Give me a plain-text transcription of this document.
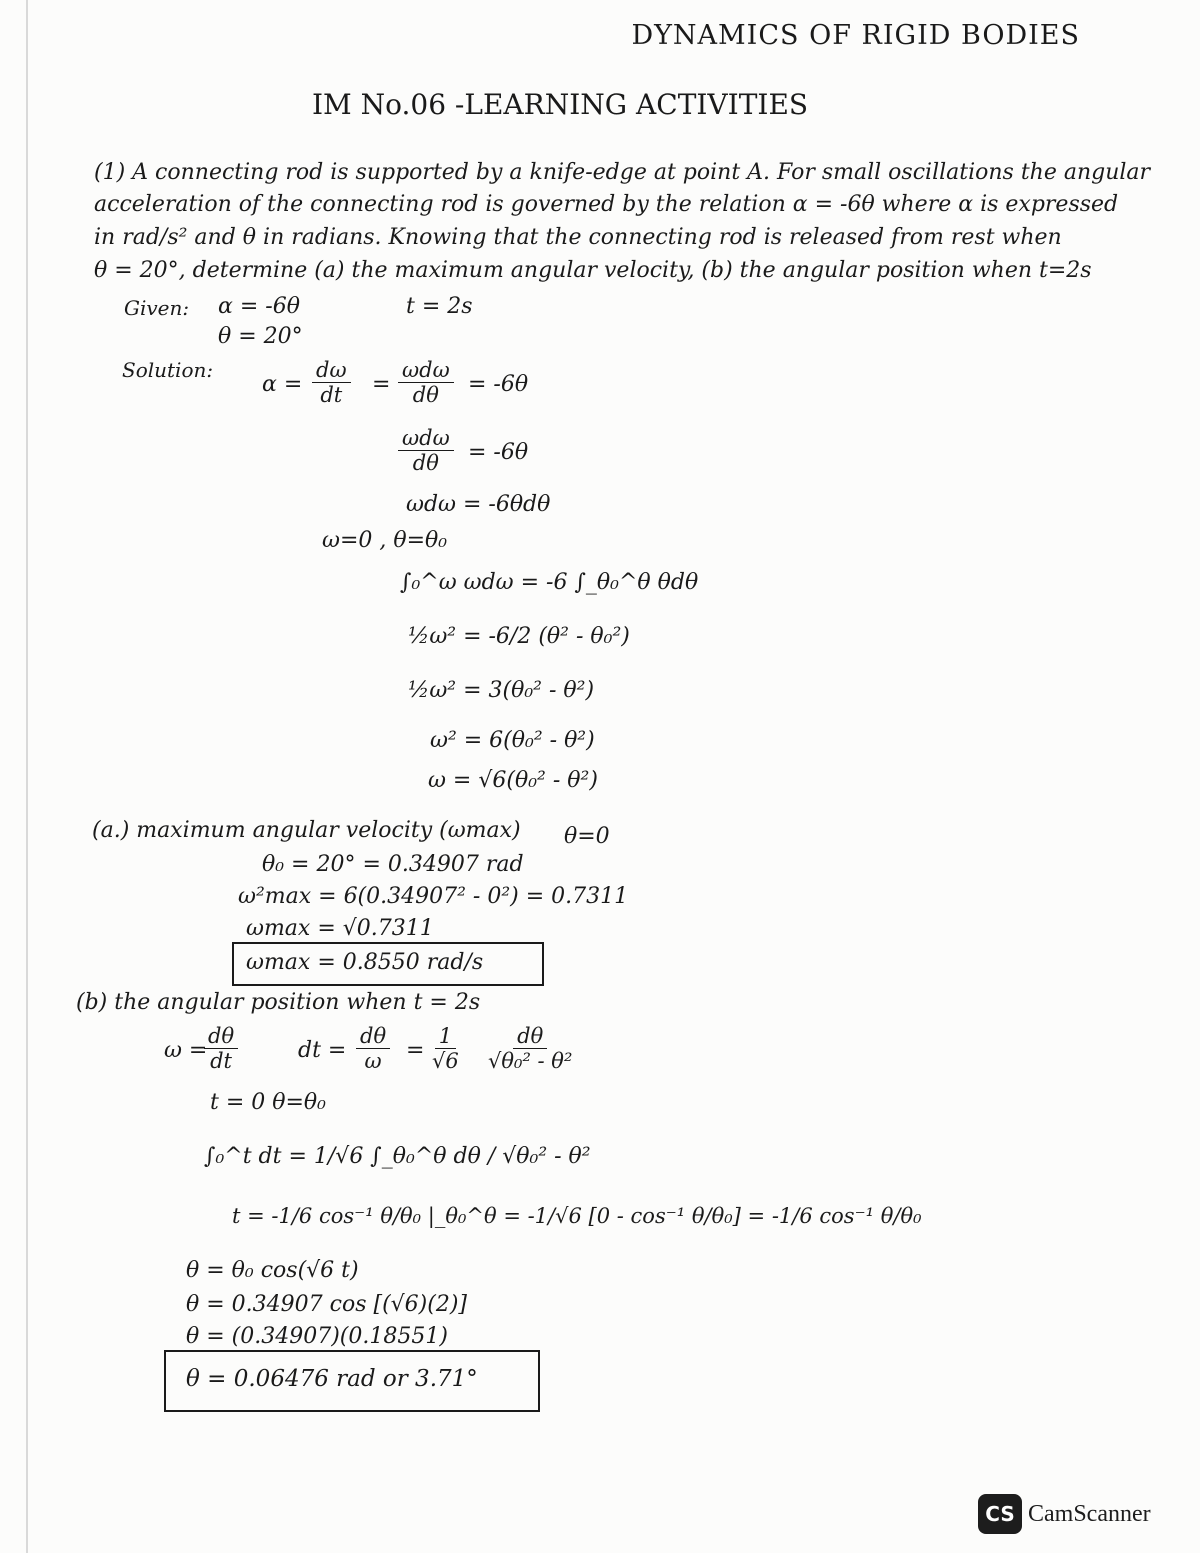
DYNAMICS OF RIGID BODIES
IM No.06 -LEARNING ACTIVITIES
(1) A connecting rod is supported by a knife-edge at point A. For small oscillations the angular
acceleration of the connecting rod is governed by the relation α = -6θ where α is expressed
in rad/s² and θ in radians. Knowing that the connecting rod is released from rest when
θ = 20°, determine (a) the maximum angular velocity, (b) the angular position when t=2s
Given: α = -6θ	t = 2s
θ = 20°
Solution:
$\alpha = \frac{d\omega}{dt}$ =
ωdω
dθ = -6θ
ωdω
dθ = -6θ
ωdω = -6θdθ
ω=0 , θ=θ₀
∫₀^ω ωdω = -6 ∫_θ₀^θ θdθ
½ω² = -6/2 (θ² - θ₀²)
½ω² = 3(θ₀² - θ²)
ω² = 6(θ₀² - θ²)
ω = √6(θ₀² - θ²)
(a.) maximum angular velocity (ωmax) θ=0
θ₀ = 20° = 0.34907 rad
ω²max = 6(0.34907² - 0²) = 0.7311
ωmax = √0.7311
ωmax = 0.8550 rad/s
(b) the angular position when t = 2s
ω =
$\frac{d\theta}{dt}$	dt = $\frac{d\theta}{\omega} = \frac{1}{√6} \frac{d\theta}{\text{√θ₀² - θ²}}$
t = 0 θ=θ₀
∫₀^t dt = 1/√6 ∫_θ₀^θ dθ / √θ₀² - θ²
t = -1/6 cos⁻¹ θ/θ₀ |_θ₀^θ = -1/√6 [0 - cos⁻¹ θ/θ₀] = -1/6 cos⁻¹ θ/θ₀
θ = θ₀ cos(√6 t)
θ = 0.34907 cos [(√6)(2)]
θ = (0.34907)(0.18551)
θ = 0.06476 rad or 3.71°
CS CamScanner
